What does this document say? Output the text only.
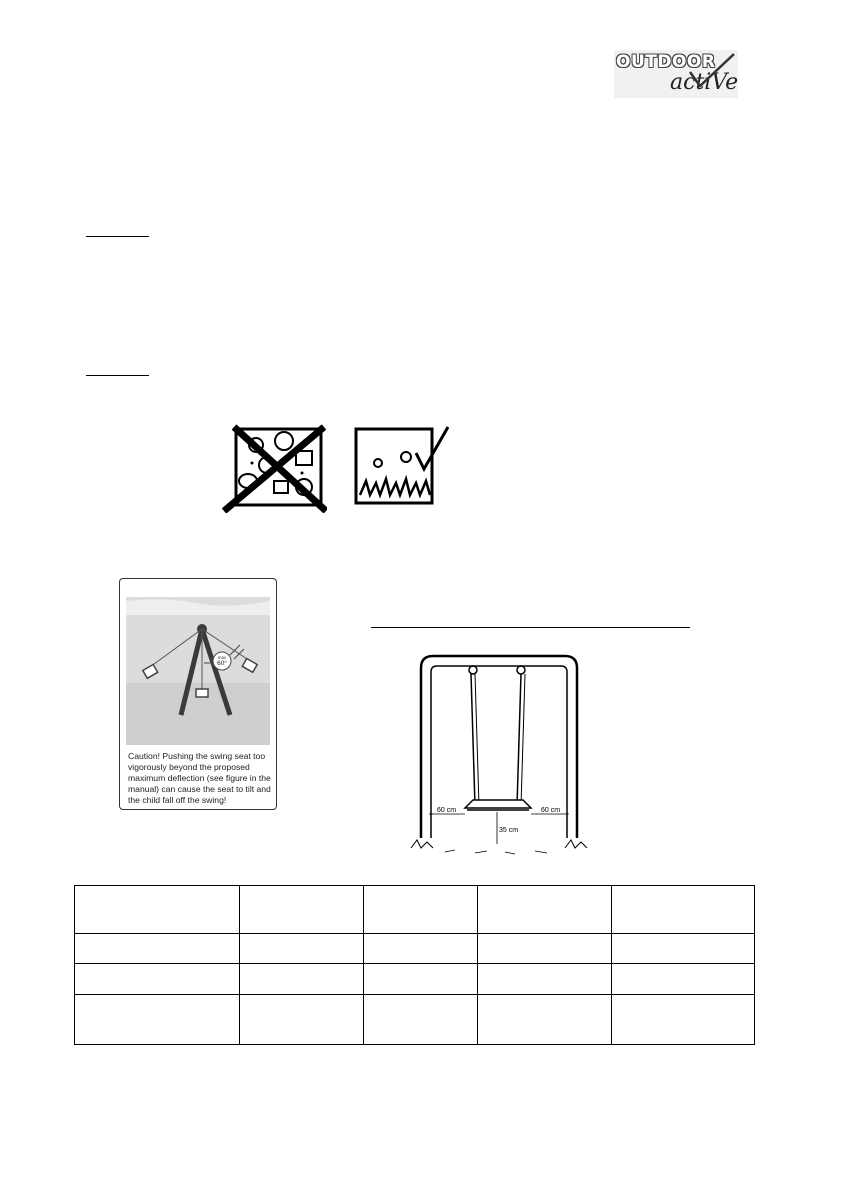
OUTDOOR
actiVe
max
60°
Caution! Pushing the swing seat too vigorously beyond the proposed maximum deflection (see figure in the manual) can cause the seat to tilt and the child fall off the swing!
60 cm	60 cm
35 cm
